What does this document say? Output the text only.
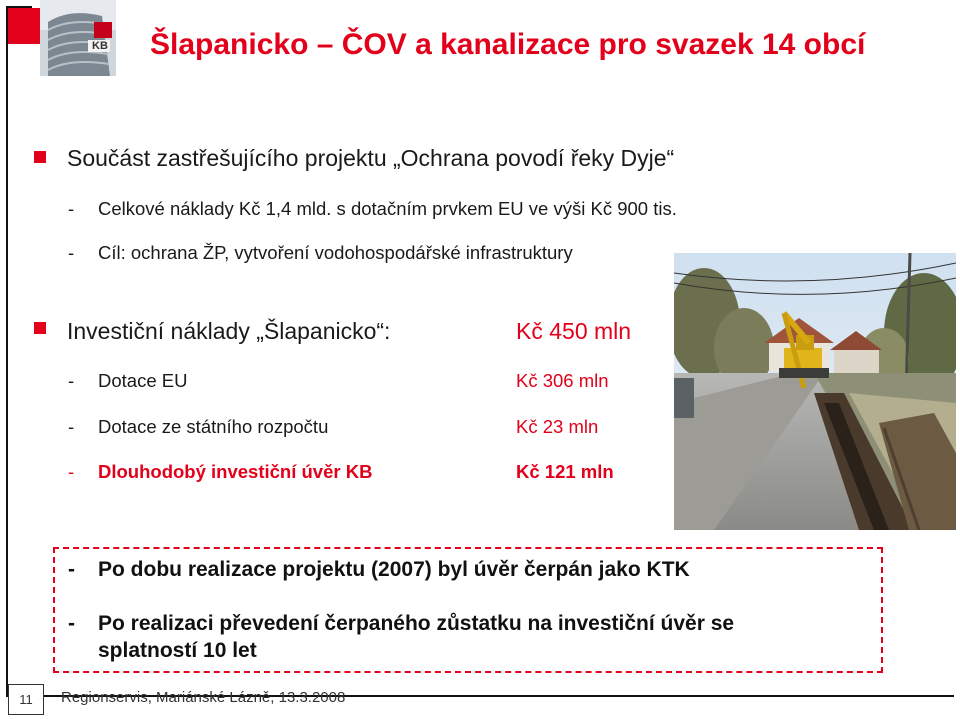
KB Šlapanicko – ČOV a kanalizace pro svazek 14 obcí
Součást zastřešujícího projektu „Ochrana povodí řeky Dyje“
- Celkové náklady Kč 1,4 mld. s dotačním prvkem EU ve výši Kč 900 tis.
- Cíl: ochrana ŽP, vytvoření vodohospodářské infrastruktury
Investiční náklady „Šlapanicko“:	Kč 450 mln
- Dotace EU	Kč 306 mln
- Dotace ze státního rozpočtu	Kč 23 mln
- Dlouhodobý investiční úvěr KB	Kč 121 mln
- Po dobu realizace projektu (2007) byl úvěr čerpán jako KTK
- Po realizaci převedení čerpaného zůstatku na investiční úvěr se
splatností 10 let
11	Regionservis, Mariánské Lázně, 13.3.2008
